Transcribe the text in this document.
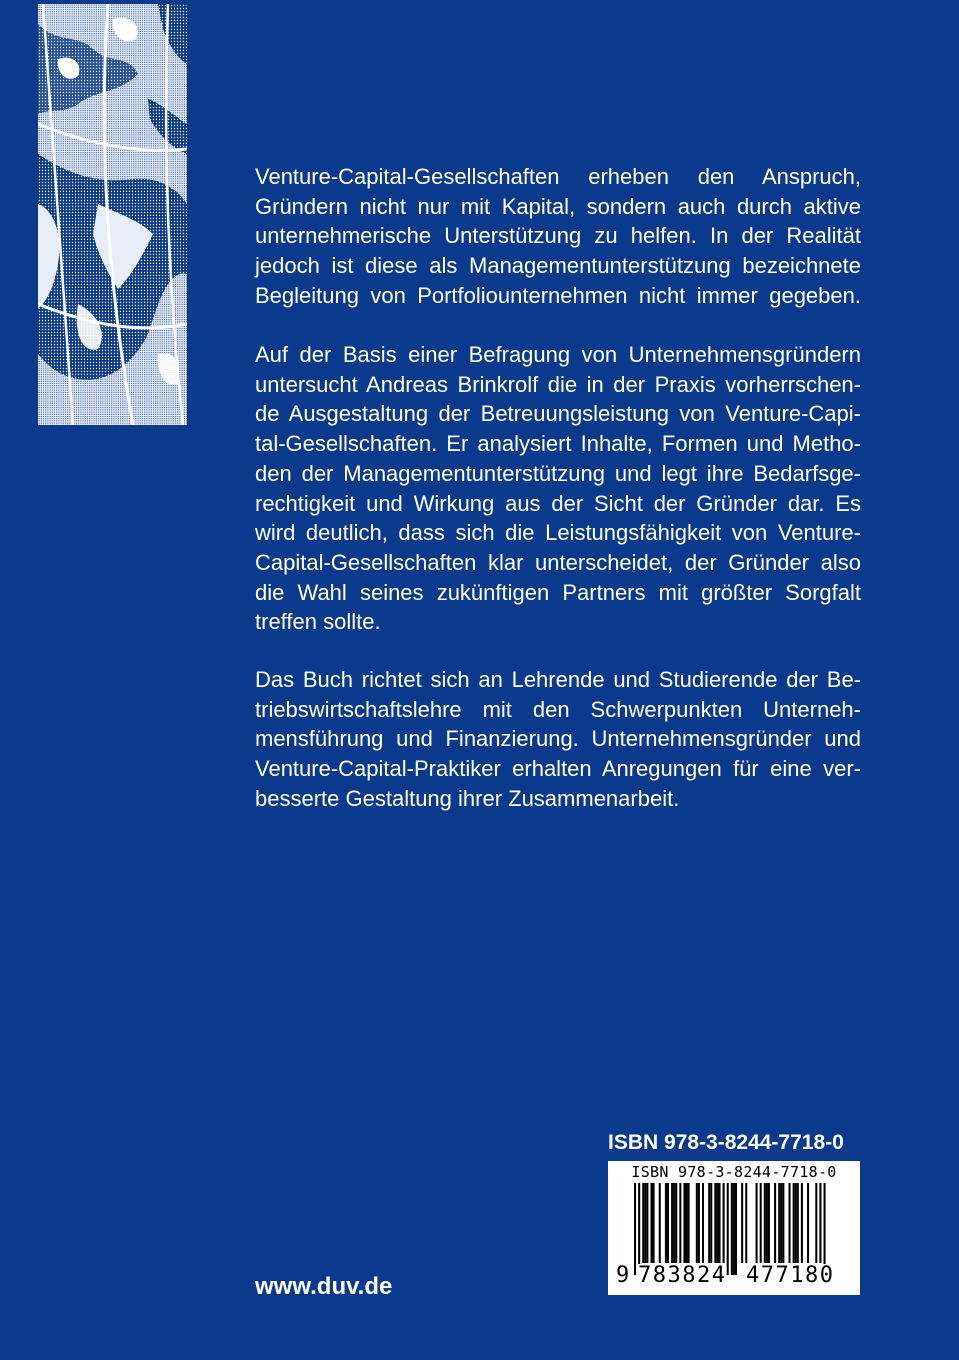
Venture-Capital-Gesellschaften erheben den Anspruch,
Gründern nicht nur mit Kapital, sondern auch durch aktive
unternehmerische Unterstützung zu helfen. In der Realität
jedoch ist diese als Managementunterstützung bezeichnete
Begleitung von Portfoliounternehmen nicht immer gegeben.
Auf der Basis einer Befragung von Unternehmensgründern
untersucht Andreas Brinkrolf die in der Praxis vorherrschen-
de Ausgestaltung der Betreuungsleistung von Venture-Capi-
tal-Gesellschaften. Er analysiert Inhalte, Formen und Metho-
den der Managementunterstützung und legt ihre Bedarfsge-
rechtigkeit und Wirkung aus der Sicht der Gründer dar. Es
wird deutlich, dass sich die Leistungsfähigkeit von Venture-
Capital-Gesellschaften klar unterscheidet, der Gründer also
die Wahl seines zukünftigen Partners mit größter Sorgfalt
treffen sollte.
Das Buch richtet sich an Lehrende und Studierende der Be-
triebswirtschaftslehre mit den Schwerpunkten Unterneh-
mensführung und Finanzierung. Unternehmensgründer und
Venture-Capital-Praktiker erhalten Anregungen für eine ver-
besserte Gestaltung ihrer Zusammenarbeit.
ISBN 978-3-8244-7718-0
ISBN 978-3-8244-7718-0
9 783824 477180
www.duv.de
